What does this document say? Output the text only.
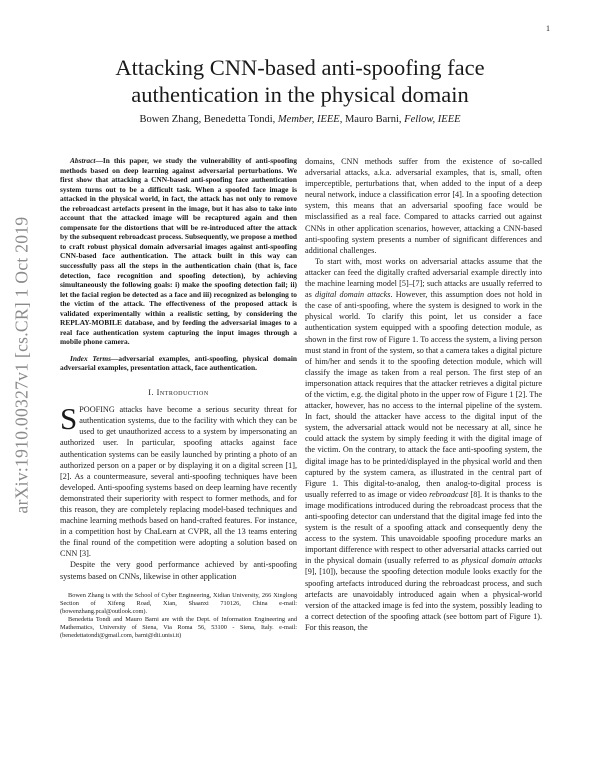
1
arXiv:1910.00327v1 [cs.CR] 1 Oct 2019
Attacking CNN-based anti-spoofing face authentication in the physical domain
Bowen Zhang, Benedetta Tondi, Member, IEEE, Mauro Barni, Fellow, IEEE

Abstract—In this paper, we study the vulnerability of anti-spoofing methods based on deep learning against adversarial perturbations. We first show that attacking a CNN-based anti-spoofing face authentication system turns out to be a difficult task. When a spoofed face image is attacked in the physical world, in fact, the attack has not only to remove the rebroadcast artefacts present in the image, but it has also to take into account that the attacked image will be recaptured again and then compensate for the distortions that will be re-introduced after the attack by the subsequent rebroadcast process. Subsequently, we propose a method to craft robust physical domain adversarial images against anti-spoofing CNN-based face authentication. The attack built in this way can successfully pass all the steps in the authentication chain (that is, face detection, face recognition and spoofing detection), by achieving simultaneously the following goals: i) make the spoofing detection fail; ii) let the facial region be detected as a face and iii) recognized as belonging to the victim of the attack. The effectiveness of the proposed attack is validated experimentally within a realistic setting, by considering the REPLAY-MOBILE database, and by feeding the adversarial images to a real face authentication system capturing the input images through a mobile phone camera.

Index Terms—adversarial examples, anti-spoofing, physical domain adversarial examples, presentation attack, face authentication.

I. Introduction

SPOOFING attacks have become a serious security threat for authentication systems, due to the facility with which they can be used to get unauthorized access to a system by impersonating an authorized user. In particular, spoofing attacks against face authentication systems can be easily launched by printing a photo of an authorized person on a paper or by displaying it on a digital screen [1], [2]. As a countermeasure, several anti-spoofing techniques have been developed. Anti-spoofing systems based on deep learning have recently demonstrated their superiority with respect to former methods, and for this reason, they are completely replacing model-based techniques and machine learning methods based on hand-crafted features. For instance, in a competition host by ChaLearn at CVPR, all the 13 teams entering the final round of the competition were adopting a solution based on CNN [3].

Despite the very good performance achieved by anti-spoofing systems based on CNNs, likewise in other application

Bowen Zhang is with the School of Cyber Engineering, Xidian University, 266 Xinglong Section of Xifeng Road, Xian, Shaanxi 710126, China e-mail: (bowenzhang.pcal@outlook.com).

Benedetta Tondi and Mauro Barni are with the Dept. of Information Engineering and Mathematics, University of Siena, Via Roma 56, 53100 - Siena, Italy. e-mail: (benedettatondi@gmail.com, barni@dii.unisi.it)

domains, CNN methods suffer from the existence of so-called adversarial attacks, a.k.a. adversarial examples, that is, small, often imperceptible, perturbations that, when added to the input of a deep neural network, induce a classification error [4]. In a spoofing detection system, this means that an adversarial spoofing face would be misclassified as a real face. Compared to attacks carried out against CNNs in other application scenarios, however, attacking a CNN-based anti-spoofing system presents a number of significant differences and additional challenges.

To start with, most works on adversarial attacks assume that the attacker can feed the digitally crafted adversarial example directly into the machine learning model [5]–[7]; such attacks are usually referred to as digital domain attacks. However, this assumption does not hold in the case of anti-spoofing, where the system is designed to work in the physical world. To clarify this point, let us consider a face authentication system equipped with a spoofing detection module, as shown in the first row of Figure 1. To access the system, a living person must stand in front of the system, so that a camera takes a digital picture of him/her and sends it to the spoofing detection module, which will classify the image as taken from a real person. The first step of an impersonation attack requires that the attacker retrieves a digital picture of the victim, e.g. the digital photo in the upper row of Figure 1 [2]. The attacker, however, has no access to the internal pipeline of the system. In fact, should the attacker have access to the digital input of the system, the adversarial attack would not be necessary at all, since he could attack the system by simply feeding it with the digital image of the victim. On the contrary, to attack the face anti-spoofing system, the digital image has to be printed/displayed in the physical world and then captured by the system camera, as illustrated in the central part of Figure 1. This digital-to-analog, then analog-to-digital process is usually referred to as image or video rebroadcast [8]. It is thanks to the image modifications introduced during the rebroadcast process that the anti-spoofing detector can understand that the digital image fed into the system is the result of a spoofing attack and consequently deny the access to the system. This unavoidable spoofing procedure marks an important difference with respect to other adversarial attacks carried out in the physical domain (usually referred to as physical domain attacks [9], [10]), because the spoofing detection module looks exactly for the spoofing artefacts introduced during the rebroadcast process, and such artefacts are unavoidably introduced again when a physical-world version of the attacked image is fed into the system, possibly leading to a correct detection of the spoofing attack (see bottom part of Figure 1). For this reason, the
